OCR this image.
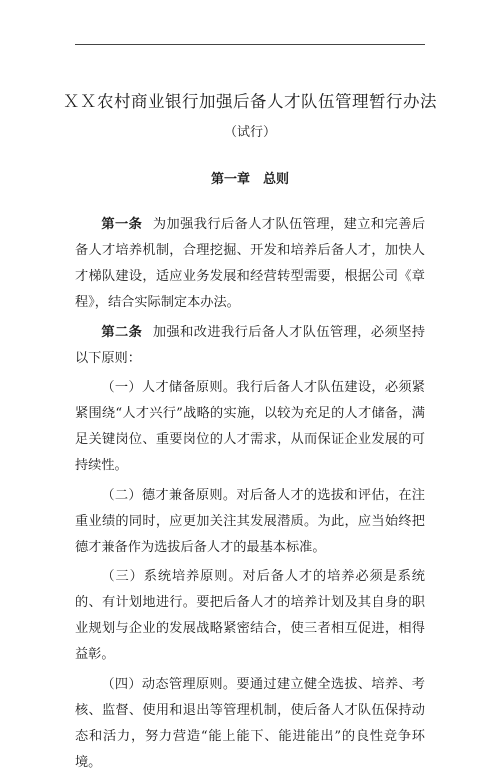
ＸＸ农村商业银行加强后备人才队伍管理暂行办法
（试行）
第一章 总则

第一条 为加强我行后备人才队伍管理，建立和完善后备人才培养机制，合理挖掘、开发和培养后备人才，加快人才梯队建设，适应业务发展和经营转型需要，根据公司《章程》，结合实际制定本办法。

第二条 加强和改进我行后备人才队伍管理，必须坚持以下原则：

（一）人才储备原则。我行后备人才队伍建设，必须紧紧围绕“人才兴行”战略的实施，以较为充足的人才储备，满足关键岗位、重要岗位的人才需求，从而保证企业发展的可持续性。

（二）德才兼备原则。对后备人才的选拔和评估，在注重业绩的同时，应更加关注其发展潜质。为此，应当始终把德才兼备作为选拔后备人才的最基本标准。

（三）系统培养原则。对后备人才的培养必须是系统的、有计划地进行。要把后备人才的培养计划及其自身的职业规划与企业的发展战略紧密结合，使三者相互促进，相得益彰。

（四）动态管理原则。要通过建立健全选拔、培养、考核、监督、使用和退出等管理机制，使后备人才队伍保持动态和活力，努力营造“能上能下、能进能出”的良性竞争环境。
